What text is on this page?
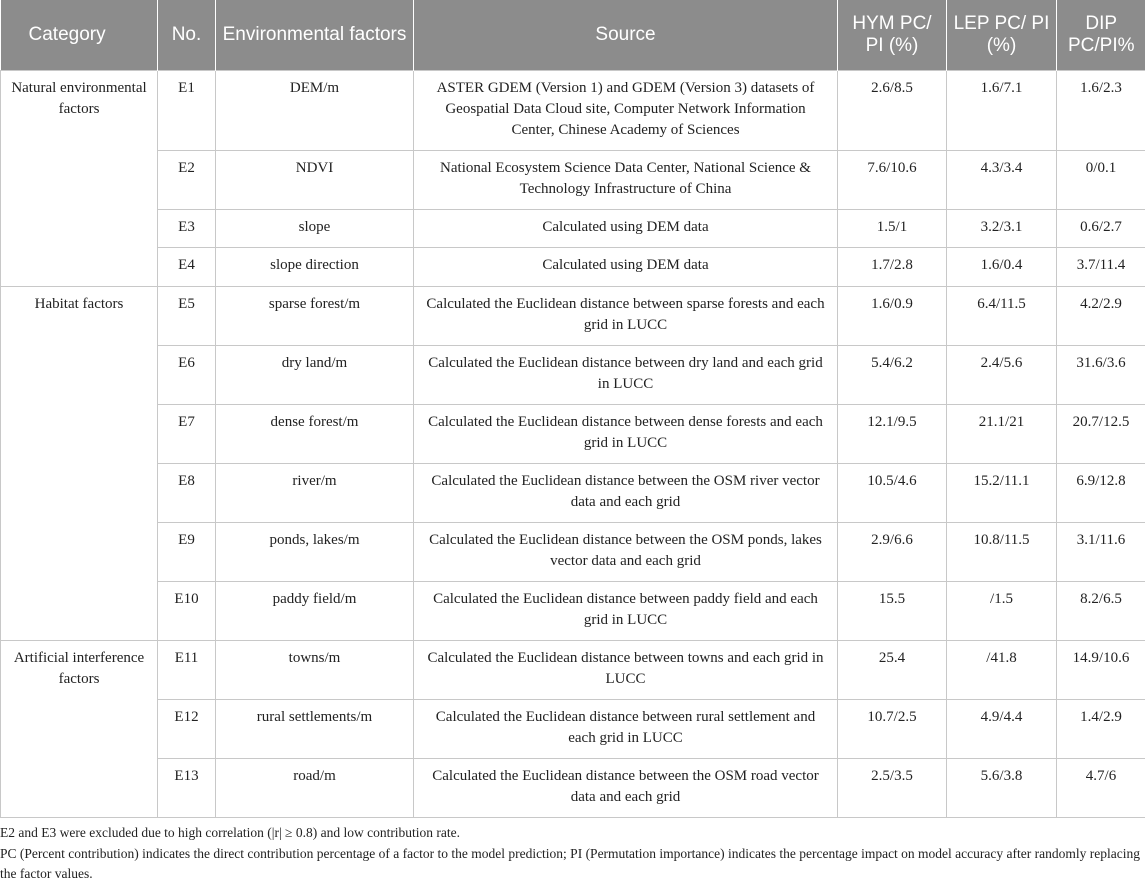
Category	No.	Environmental factors	Source	HYM PC/ PI (%)	LEP PC/ PI (%)	DIP PC/PI%
Natural environmental factors	E1	DEM/m	ASTER GDEM (Version 1) and GDEM (Version 3) datasets of Geospatial Data Cloud site, Computer Network Information Center, Chinese Academy of Sciences	2.6/8.5	1.6/7.1	1.6/2.3
	E2	NDVI	National Ecosystem Science Data Center, National Science & Technology Infrastructure of China	7.6/10.6	4.3/3.4	0/0.1
	E3	slope	Calculated using DEM data	1.5/1	3.2/3.1	0.6/2.7
	E4	slope direction	Calculated using DEM data	1.7/2.8	1.6/0.4	3.7/11.4
Habitat factors	E5	sparse forest/m	Calculated the Euclidean distance between sparse forests and each grid in LUCC	1.6/0.9	6.4/11.5	4.2/2.9
	E6	dry land/m	Calculated the Euclidean distance between dry land and each grid in LUCC	5.4/6.2	2.4/5.6	31.6/3.6
	E7	dense forest/m	Calculated the Euclidean distance between dense forests and each grid in LUCC	12.1/9.5	21.1/21	20.7/12.5
	E8	river/m	Calculated the Euclidean distance between the OSM river vector data and each grid	10.5/4.6	15.2/11.1	6.9/12.8
	E9	ponds, lakes/m	Calculated the Euclidean distance between the OSM ponds, lakes vector data and each grid	2.9/6.6	10.8/11.5	3.1/11.6
	E10	paddy field/m	Calculated the Euclidean distance between paddy field and each grid in LUCC	15.5	/1.5	8.2/6.5
Artificial interference factors	E11	towns/m	Calculated the Euclidean distance between towns and each grid in LUCC	25.4	/41.8	14.9/10.6
	E12	rural settlements/m	Calculated the Euclidean distance between rural settlement and each grid in LUCC	10.7/2.5	4.9/4.4	1.4/2.9
	E13	road/m	Calculated the Euclidean distance between the OSM road vector data and each grid	2.5/3.5	5.6/3.8	4.7/6

E2 and E3 were excluded due to high correlation (|r| ≥ 0.8) and low contribution rate.

PC (Percent contribution) indicates the direct contribution percentage of a factor to the model prediction; PI (Permutation importance) indicates the percentage impact on model accuracy after randomly replacing the factor values.
